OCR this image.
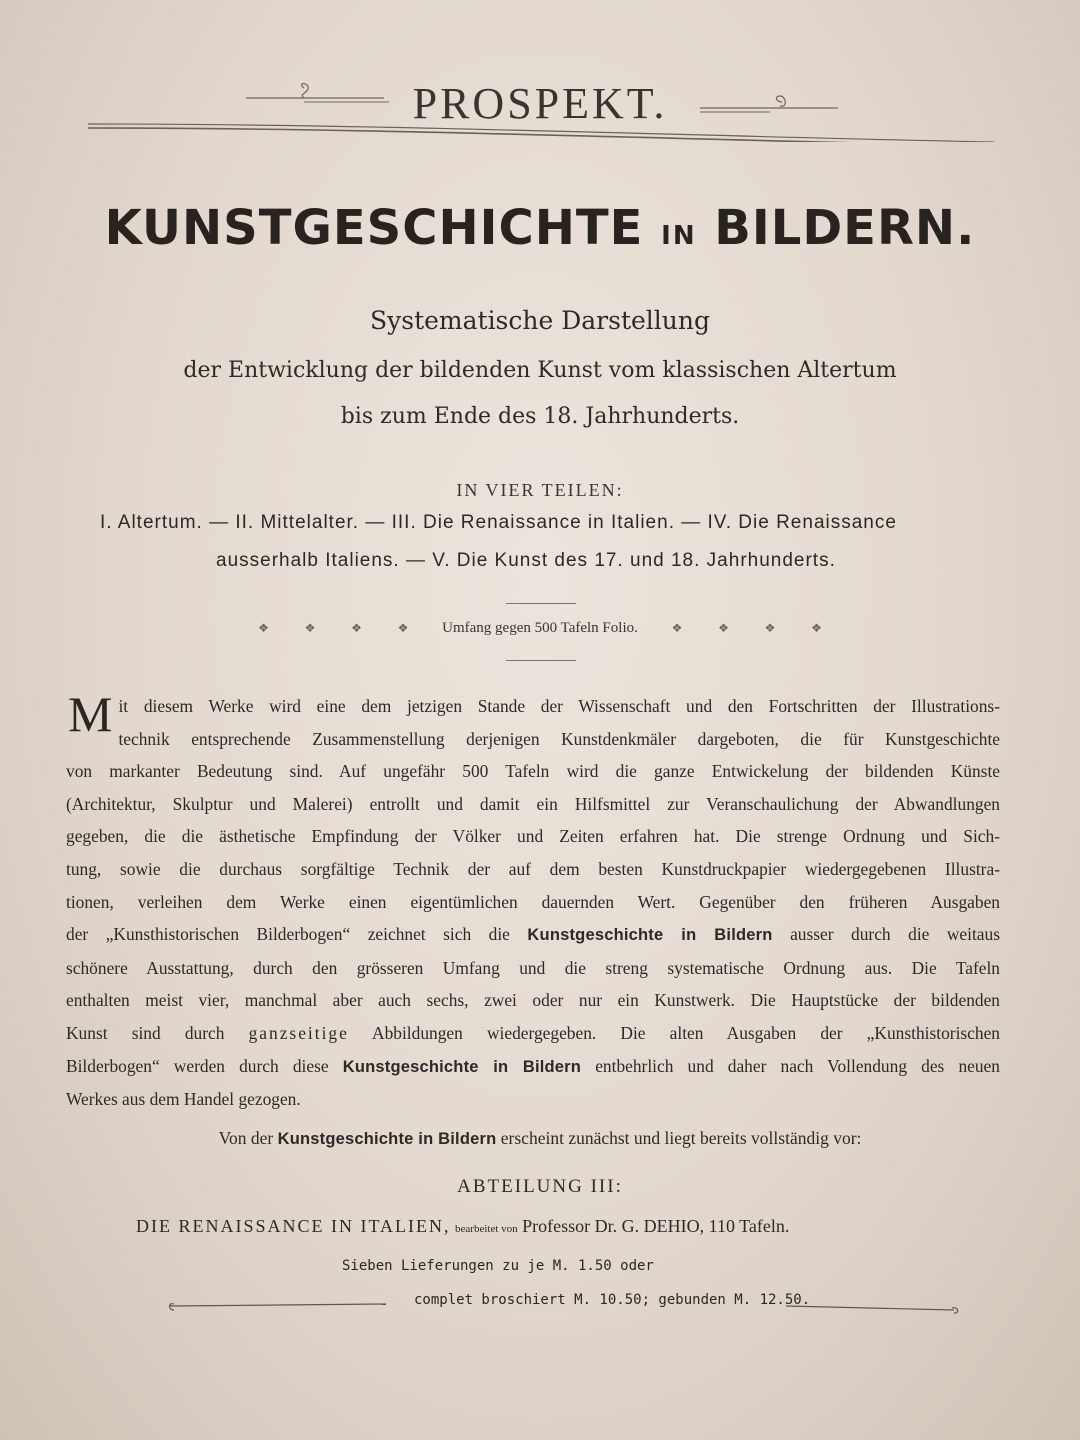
PROSPEKT.
KUNSTGESCHICHTE IN BILDERN.
Systematische Darstellung
der Entwicklung der bildenden Kunst vom klassischen Altertum
bis zum Ende des 18. Jahrhunderts.
IN VIER TEILEN:
I. Altertum. — II. Mittelalter. — III. Die Renaissance in Italien. — IV. Die Renaissance
ausserhalb Italiens. — V. Die Kunst des 17. und 18. Jahrhunderts.
❖	❖	❖	❖ Umfang gegen 500 Tafeln Folio.	❖	❖	❖	❖
M it diesem Werke wird eine dem jetzigen Stande der Wissenschaft und den Fortschritten der Illustrations-
technik entsprechende Zusammenstellung derjenigen Kunstdenkmäler dargeboten, die für Kunstgeschichte
von markanter Bedeutung sind. Auf ungefähr 500 Tafeln wird die ganze Entwickelung der bildenden Künste
(Architektur, Skulptur und Malerei) entrollt und damit ein Hilfsmittel zur Veranschaulichung der Abwandlungen
gegeben, die die ästhetische Empfindung der Völker und Zeiten erfahren hat. Die strenge Ordnung und Sich-
tung, sowie die durchaus sorgfältige Technik der auf dem besten Kunstdruckpapier wiedergegebenen Illustra-
tionen, verleihen dem Werke einen eigentümlichen dauernden Wert. Gegenüber den früheren Ausgaben
der „Kunsthistorischen Bilderbogen“ zeichnet sich die Kunstgeschichte in Bildern ausser durch die weitaus
schönere Ausstattung, durch den grösseren Umfang und die streng systematische Ordnung aus. Die Tafeln
enthalten meist vier, manchmal aber auch sechs, zwei oder nur ein Kunstwerk. Die Hauptstücke der bildenden
Kunst sind durch ganzseitige Abbildungen wiedergegeben. Die alten Ausgaben der „Kunsthistorischen
Bilderbogen“ werden durch diese Kunstgeschichte in Bildern entbehrlich und daher nach Vollendung des neuen
Werkes aus dem Handel gezogen.
Von der Kunstgeschichte in Bildern erscheint zunächst und liegt bereits vollständig vor:
ABTEILUNG III:
DIE RENAISSANCE IN ITALIEN, bearbeitet von Professor Dr. G. DEHIO, 110 Tafeln.
Sieben Lieferungen zu je M. 1.50 oder
complet broschiert M. 10.50; gebunden M. 12.50.
